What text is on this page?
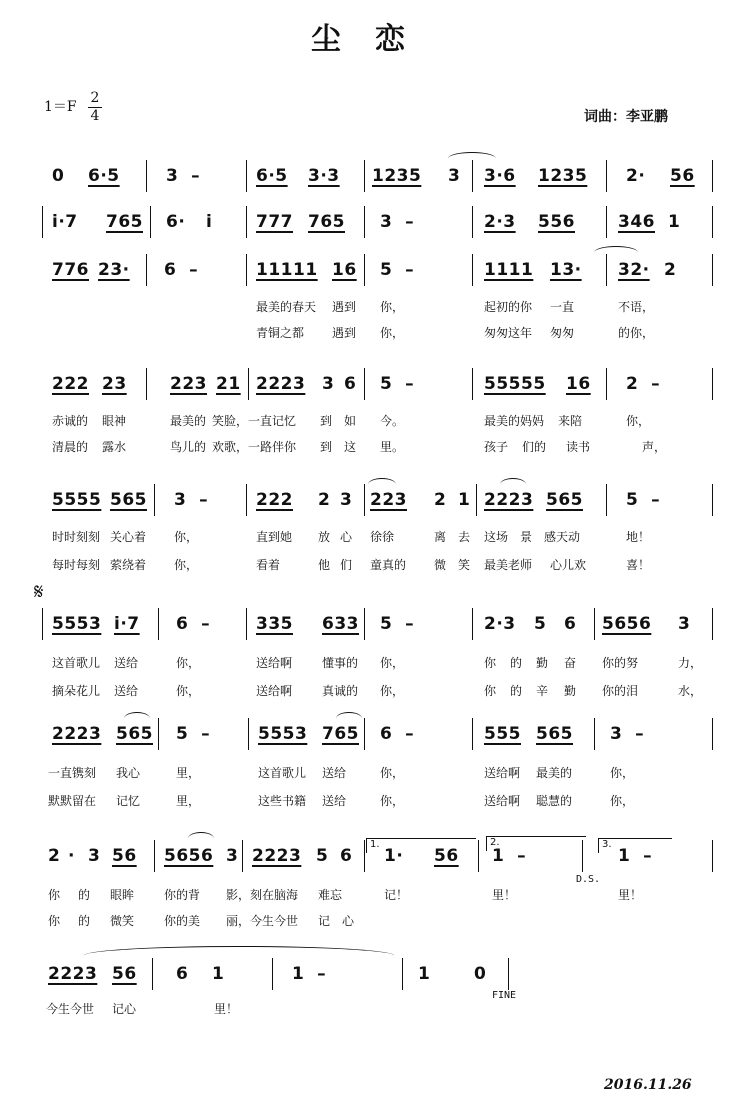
尘恋
$1=F \frac{2}{4}$	词曲：李亚鹏
0 6·5	3  –	6·5 3·3 1235 3 3·6 1235 2· 56
i·7 765 6· i	777 765 3  –	2·3 556	346 1
776 23· 6  –	11111 16 5  –	1111 13· 32· 2
最美的春天 遇到 你，	起初的你 一直	不语，
青铜之都 遇到 你，	匆匆这年 匆匆	的你，
222 23	223 21 2223 3 6 5  –	55555 16 2  –
赤诚的 眼神	最美的 笑脸，一直记忆 到 如 今。	最美的妈妈 来陪	你，
清晨的 露水	鸟儿的 欢歌，一路伴你 到 这 里。	孩子 们的 读书	声，
5555 565 3  –	222 2 3 223 2 1 2223 565	5  –
时时刻刻 关心着 你，	直到她 放 心 徐徐	离 去 这场 景 感天动	地！
每时每刻 萦绕着 你，	看着	他 们 童真的 微 笑 最美老师 心儿欢	喜！
𝄋
5553 i·7 6  –	335 633 5  –	2·3 5 6 5656 3
这首歌儿 送给	你，	送给啊 懂事的 你，	你 的 勤 奋 你的努	力，
摘朵花儿 送给	你，	送给啊 真诚的 你，	你 的 辛 勤 你的泪	水，
2223 565 5  –	5553 765 6  –	555 565 3  –
一直镌刻 我心	里，	这首歌儿 送给	你，	送给啊 最美的	你，
默默留在 记忆	里，	这些书籍 送给	你，	送给啊 聪慧的	你，
1.	2.	3.
2 · 3 56 5656 3 2223 5 6 1· 56 1  –	1  –
D.S.
你 的 眼眸 你的背 影，刻在脑海 难忘	记！	里！	里！
你 的 微笑 你的美 丽，今生今世 记 心
2223 56 6 1	1  –	1	0
FINE
今生今世 记心	里！
2016.11.26
